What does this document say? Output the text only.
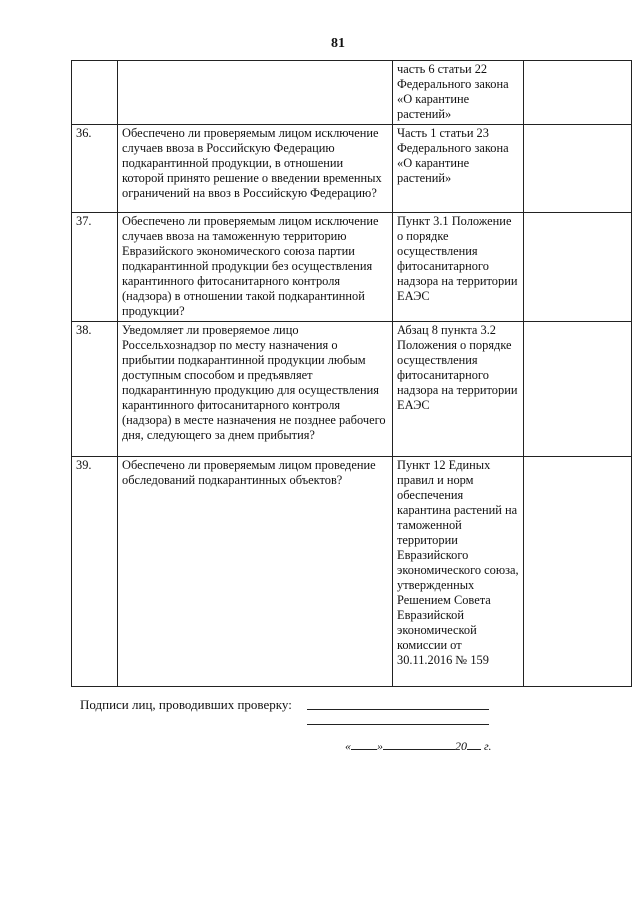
81
		часть 6 статьи 22 Федерального закона «О карантине растений»	
36.	Обеспечено ли проверяемым лицом исключение случаев ввоза в Российскую Федерацию подкарантинной продукции, в отношении которой принято решение о введении временных ограничений на ввоз в Российскую Федерацию?	Часть 1 статьи 23 Федерального закона «О карантине растений»	
37.	Обеспечено ли проверяемым лицом исключение случаев ввоза на таможенную территорию Евразийского экономического союза партии подкарантинной продукции без осуществления карантинного фитосанитарного контроля (надзора) в отношении такой подкарантинной продукции?	Пункт 3.1 Положение о порядке осуществления фитосанитарного надзора на территории ЕАЭС	
38.	Уведомляет ли проверяемое лицо Россельхознадзор по месту назначения о прибытии подкарантинной продукции любым доступным способом и предъявляет подкарантинную продукцию для осуществления карантинного фитосанитарного контроля (надзора) в месте назначения не позднее рабочего дня, следующего за днем прибытия?	Абзац 8 пункта 3.2 Положения о порядке осуществления фитосанитарного надзора на территории ЕАЭС	
39.	Обеспечено ли проверяемым лицом проведение обследований подкарантинных объектов?	Пункт 12 Единых правил и норм обеспечения карантина растений на таможенной территории Евразийского экономического союза, утвержденных Решением Совета Евразийской экономической комиссии от 30.11.2016 № 159	
Подписи лиц, проводивших проверку:
« »	20 г.
